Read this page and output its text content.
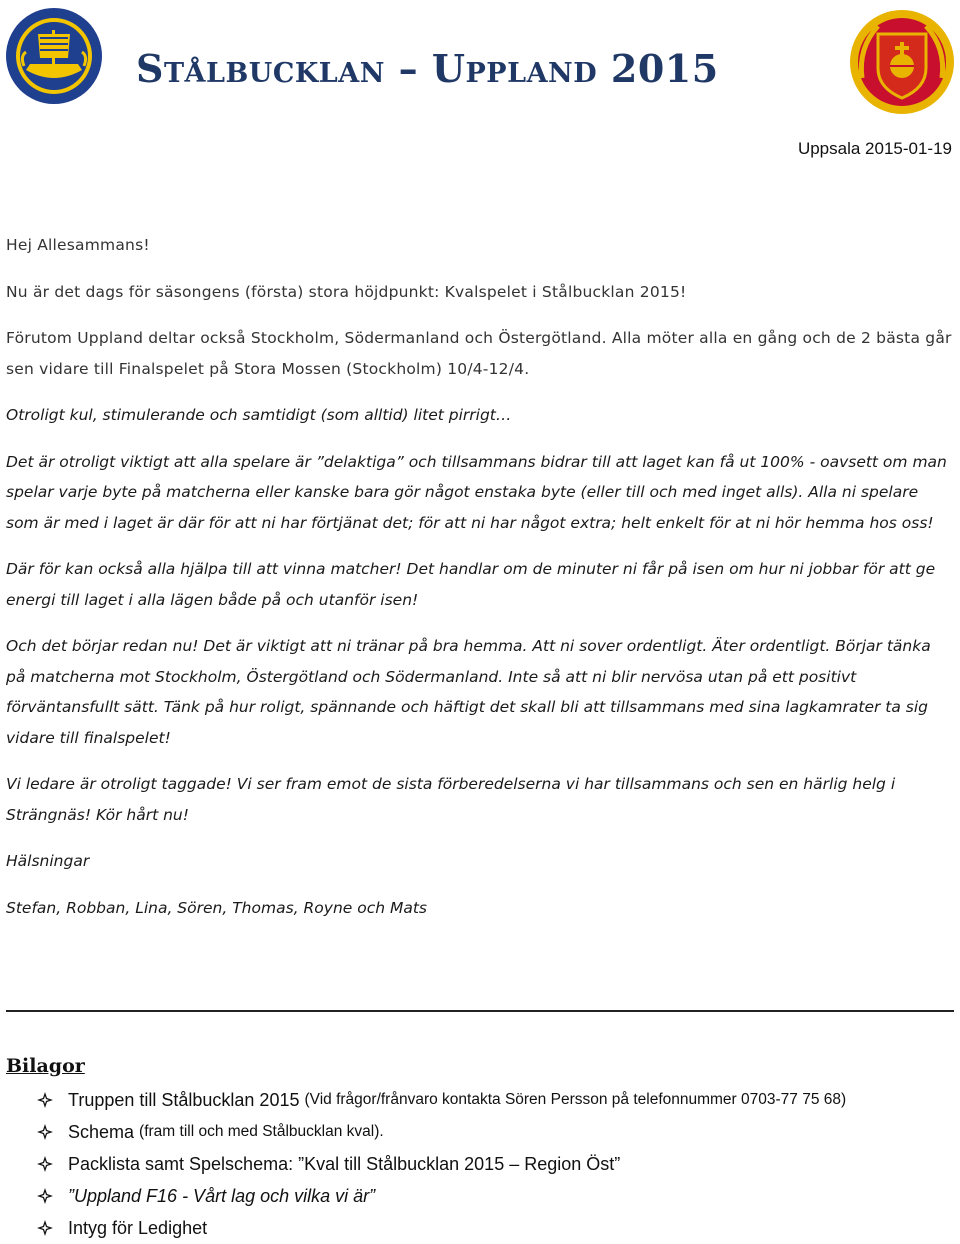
Stålbucklan – Uppland 2015
Uppsala 2015-01-19

Hej Allesammans!

Nu är det dags för säsongens (första) stora höjdpunkt: Kvalspelet i Stålbucklan 2015!

Förutom Uppland deltar också Stockholm, Södermanland och Östergötland. Alla möter alla en gång och de 2 bästa går sen vidare till Finalspelet på Stora Mossen (Stockholm) 10/4-12/4.

Otroligt kul, stimulerande och samtidigt (som alltid) litet pirrigt…

Det är otroligt viktigt att alla spelare är ”delaktiga” och tillsammans bidrar till att laget kan få ut 100% - oavsett om man spelar varje byte på matcherna eller kanske bara gör något enstaka byte (eller till och med inget alls). Alla ni spelare som är med i laget är där för att ni har förtjänat det; för att ni har något extra; helt enkelt för at ni hör hemma hos oss!

Där för kan också alla hjälpa till att vinna matcher! Det handlar om de minuter ni får på isen om hur ni jobbar för att ge energi till laget i alla lägen både på och utanför isen!

Och det börjar redan nu! Det är viktigt att ni tränar på bra hemma. Att ni sover ordentligt. Äter ordentligt. Börjar tänka på matcherna mot Stockholm, Östergötland och Södermanland. Inte så att ni blir nervösa utan på ett positivt förväntansfullt sätt. Tänk på hur roligt, spännande och häftigt det skall bli att tillsammans med sina lagkamrater ta sig vidare till finalspelet!

Vi ledare är otroligt taggade! Vi ser fram emot de sista förberedelserna vi har tillsammans och sen en härlig helg i Strängnäs! Kör hårt nu!

Hälsningar

Stefan, Robban, Lina, Sören, Thomas, Royne och Mats

Bilagor
Truppen till Stålbucklan 2015 (Vid frågor/frånvaro kontakta Sören Persson på telefonnummer 0703-77 75 68)
Schema (fram till och med Stålbucklan kval).
Packlista samt Spelschema: ”Kval till Stålbucklan 2015 – Region Öst”
”Uppland F16 - Vårt lag och vilka vi är”
Intyg för Ledighet
